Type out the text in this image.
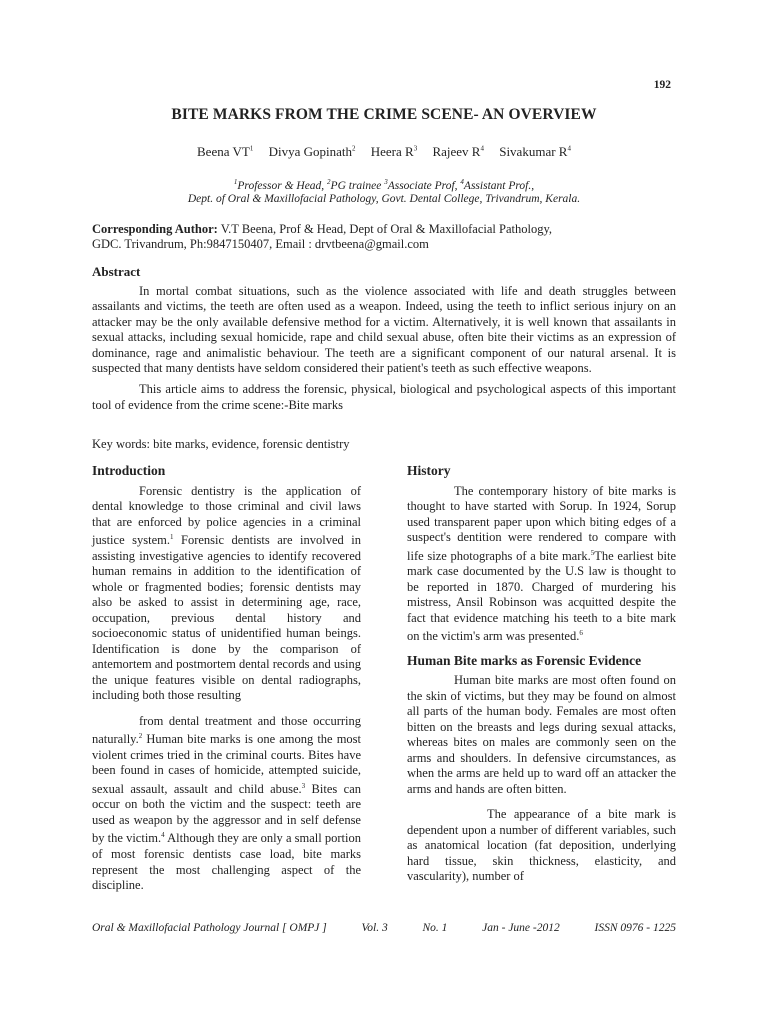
192
BITE MARKS FROM THE CRIME SCENE- AN OVERVIEW
Beena $VT^1$ Divya Gopinath$^2$ Heera $R^3$ Rajeev $R^4$ Sivakumar $R^4$
$^1$Professor & Head, $^2$PG trainee $^3$Associate Prof, $^4$Assistant Prof.,
Dept. of Oral & Maxillofacial Pathology, Govt. Dental College, Trivandrum, Kerala.
Corresponding Author: V.T Beena, Prof & Head, Dept of Oral & Maxillofacial Pathology,
GDC. Trivandrum, Ph:9847150407, Email : drvtbeena@gmail.com
Abstract

In mortal combat situations, such as the violence associated with life and death struggles between assailants and victims, the teeth are often used as a weapon. Indeed, using the teeth to inflict serious injury on an attacker may be the only available defensive method for a victim. Alternatively, it is well known that assailants in sexual attacks, including sexual homicide, rape and child sexual abuse, often bite their victims as an expression of dominance, rage and animalistic behaviour. The teeth are a significant component of our natural arsenal. It is suspected that many dentists have seldom considered their patient's teeth as such effective weapons.

This article aims to address the forensic, physical, biological and psychological aspects of this important tool of evidence from the crime scene:-Bite marks

Key words: bite marks, evidence, forensic dentistry
Introduction

Forensic dentistry is the application of dental knowledge to those criminal and civil laws that are enforced by police agencies in a criminal justice system.$^1$ Forensic dentists are involved in assisting investigative agencies to identify recovered human remains in addition to the identification of whole or fragmented bodies; forensic dentists may also be asked to assist in determining age, race, occupation, previous dental history and socioeconomic status of unidentified human beings. Identification is done by the comparison of antemortem and postmortem dental records and using the unique features visible on dental radiographs, including both those resulting

from dental treatment and those occurring naturally.$^2$ Human bite marks is one among the most violent crimes tried in the criminal courts. Bites have been found in cases of homicide, attempted suicide, sexual assault, assault and child abuse.$^3$ Bites can occur on both the victim and the suspect: teeth are used as weapon by the aggressor and in self defense by the victim.$^4$ Although they are only a small portion of most forensic dentists case load, bite marks represent the most challenging aspect of the discipline.

History

The contemporary history of bite marks is thought to have started with Sorup. In 1924, Sorup used transparent paper upon which biting edges of a suspect's dentition were rendered to compare with life size photographs of a bite mark.$^5$The earliest bite mark case documented by the U.S law is thought to be reported in 1870. Charged of murdering his mistress, Ansil Robinson was acquitted despite the fact that evidence matching his teeth to a bite mark on the victim's arm was presented.$^6$

Human Bite marks as Forensic Evidence

Human bite marks are most often found on the skin of victims, but they may be found on almost all parts of the human body. Females are most often bitten on the breasts and legs during sexual attacks, whereas bites on males are commonly seen on the arms and shoulders. In defensive circumstances, as when the arms are held up to ward off an attacker the arms and hands are often bitten.

The appearance of a bite mark is dependent upon a number of different variables, such as anatomical location (fat deposition, underlying hard tissue, skin thickness, elasticity, and vascularity), number of

Oral & Maxillofacial Pathology Journal [ OMPJ ]	Vol. 3	No. 1	Jan - June -2012	ISSN 0976 - 1225
